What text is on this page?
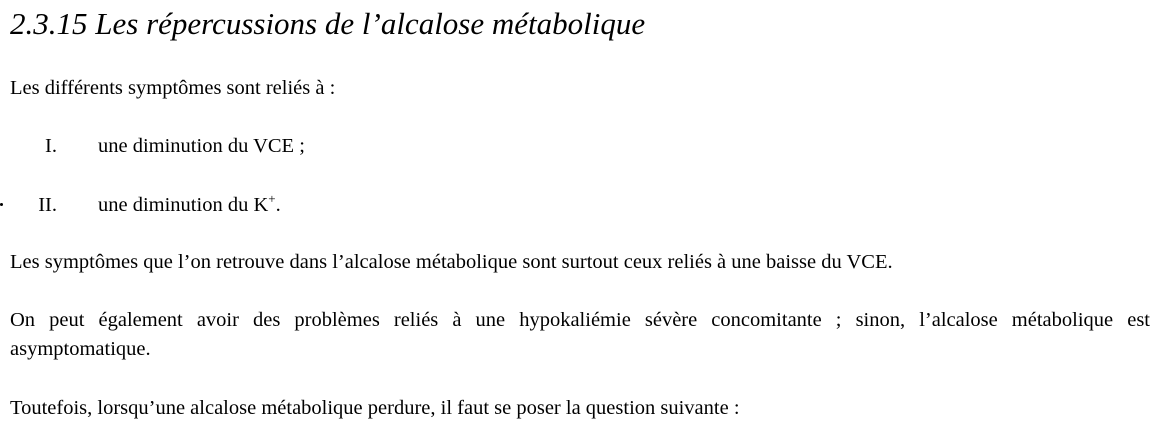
2.3.15 Les répercussions de l’alcalose métabolique

Les différents symptômes sont reliés à :

I. une diminution du VCE ;
II. une diminution du K+.

Les symptômes que l’on retrouve dans l’alcalose métabolique sont surtout ceux reliés à une baisse du VCE.

On peut également avoir des problèmes reliés à une hypokaliémie sévère concomitante ; sinon, l’alcalose métabolique est asymptomatique.

Toutefois, lorsqu’une alcalose métabolique perdure, il faut se poser la question suivante :
